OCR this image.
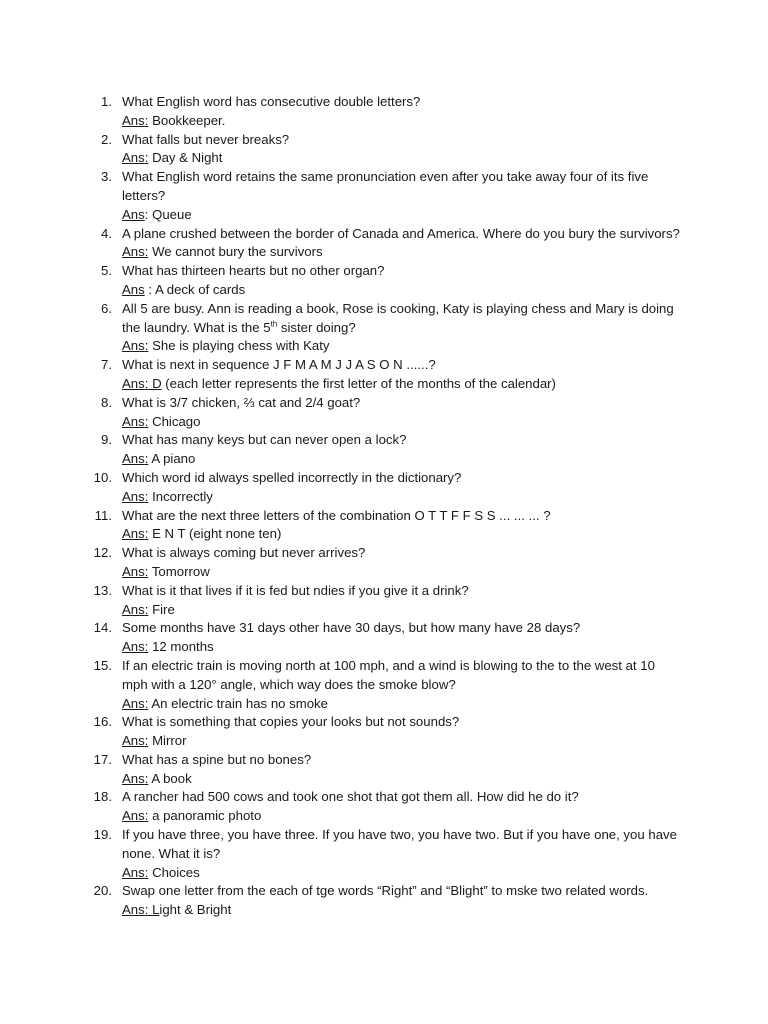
1. What English word has consecutive double letters?
Ans: Bookkeeper.
2. What falls but never breaks?
Ans: Day & Night
3. What English word retains the same pronunciation even after you take away four of its five letters?
Ans: Queue
4. A plane crushed between the border of Canada and America. Where do you bury the survivors?
Ans: We cannot bury the survivors
5. What has thirteen hearts but no other organ?
Ans : A deck of cards
6. All 5 are busy. Ann is reading a book, Rose is cooking, Katy is playing chess and Mary is doing the laundry. What is the 5th sister doing?
Ans: She is playing chess with Katy
7. What is next in sequence J F M A M J J A S O N ......?
Ans: D (each letter represents the first letter of the months of the calendar)
8. What is 3/7 chicken, ⅔ cat and 2/4 goat?
Ans: Chicago
9. What has many keys but can never open a lock?
Ans: A piano
10. Which word id always spelled incorrectly in the dictionary?
Ans: Incorrectly
11. What are the next three letters of the combination O T T F F S S ... ... ... ?
Ans: E N T (eight none ten)
12. What is always coming but never arrives?
Ans: Tomorrow
13. What is it that lives if it is fed but ndies if you give it a drink?
Ans: Fire
14. Some months have 31 days other have 30 days, but how many have 28 days?
Ans: 12 months
15. If an electric train is moving north at 100 mph, and a wind is blowing to the to the west at 10 mph with a 120° angle, which way does the smoke blow?
Ans: An electric train has no smoke
16. What is something that copies your looks but not sounds?
Ans: Mirror
17. What has a spine but no bones?
Ans: A book
18. A rancher had 500 cows and took one shot that got them all. How did he do it?
Ans: a panoramic photo
19. If you have three, you have three. If you have two, you have two. But if you have one, you have none. What it is?
Ans: Choices
20. Swap one letter from the each of tge words “Right” and “Blight” to mske two related words.
Ans: Light & Bright
